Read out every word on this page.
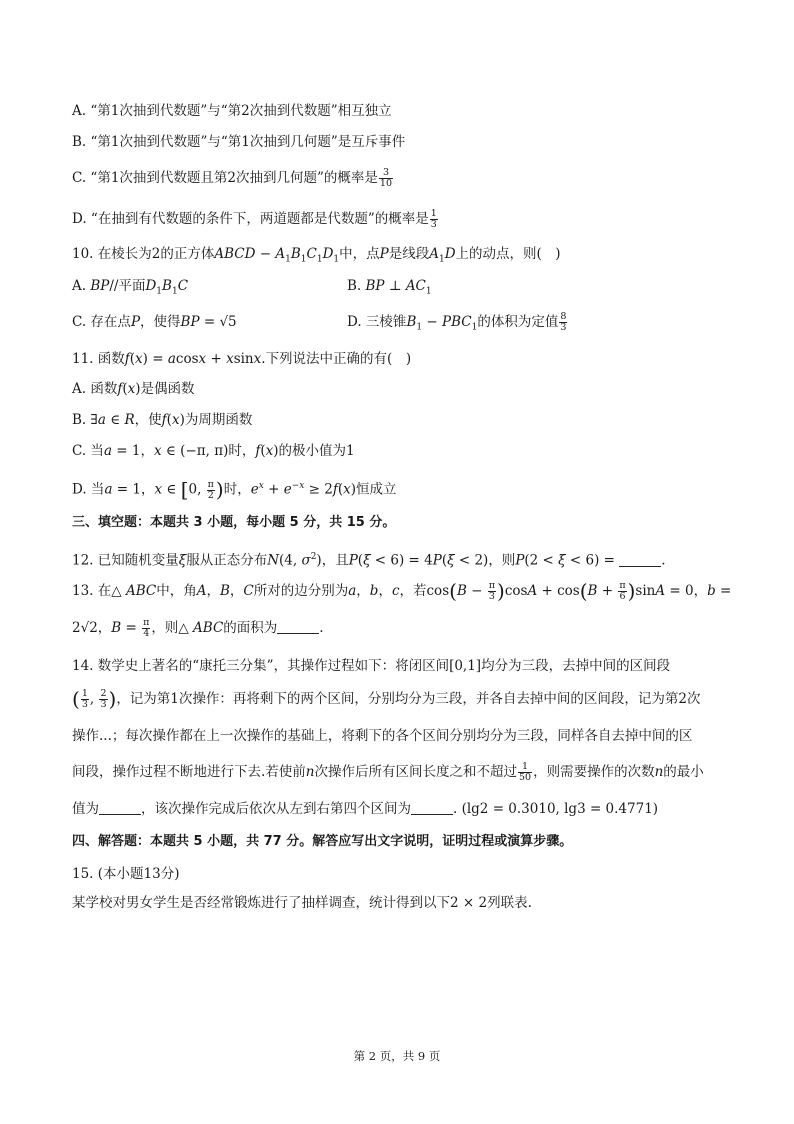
A. “第1次抽到代数题”与“第2次抽到代数题”相互独立
B. “第1次抽到代数题”与“第1次抽到几何题”是互斥事件
C. “第1次抽到代数题且第2次抽到几何题”的概率是 $\frac{3}{10}$
D. “在抽到有代数题的条件下，两道题都是代数题”的概率是 $\frac{1}{3}$
10. 在棱长为2的正方体ABCD − $A_1B_1C_1D_1$中，点P是线段$A_1D$上的动点，则(　)
A. BP//平面$D_1B_1C$	B. BP ⊥ $AC_1$
C. 存在点P，使得BP = √5	D. 三棱锥$B_1 - PBC_1$的体积为定值 $\frac{8}{3}$
11. 函数f(x) = acosx + xsinx.下列说法中正确的有(　)
A. 函数f(x)是偶函数
B. ∃a ∈ R，使f(x)为周期函数
C. 当a = 1，x ∈ (−π, π)时，f(x)的极小值为1
D. 当a = 1，x ∈ [0, $\frac{\pi}{2}$ )时，$e^x + e^{-x} \ge 2f(x)$恒成立
三、填空题：本题共 3 小题，每小题 5 分，共 15 分。
12. 已知随机变量ξ服从正态分布N(4, $\sigma^2$)，且P(ξ < 6) = 4P(ξ < 2)，则P(2 < ξ < 6) =	.
13. 在△ ABC中，角A，B，C所对的边分别为a，b，c，若$\cos(B - \frac{\pi}{3} )\cos A + \cos(B + \frac{\pi}{6} )\sin A = 0$，b =
2√2，$B = \frac{\pi}{4}$ ，则△ ABC的面积为	.
14. 数学史上著名的“康托三分集”，其操作过程如下：将闭区间[0,1]均分为三段，去掉中间的区间段
( $\frac{1}{3}$ , $\frac{2}{3}$ )，记为第1次操作：再将剩下的两个区间，分别均分为三段，并各自去掉中间的区间段，记为第2次
操作...；每次操作都在上一次操作的基础上，将剩下的各个区间分别均分为三段，同样各自去掉中间的区
间段，操作过程不断地进行下去.若使前n次操作后所有区间长度之和不超过 $\frac{1}{50}$ ，则需要操作的次数n的最小
值为	，该次操作完成后依次从左到右第四个区间为	. (lg2 = 0.3010, lg3 = 0.4771)
四、解答题：本题共 5 小题，共 77 分。解答应写出文字说明，证明过程或演算步骤。
15. (本小题13分)
某学校对男女学生是否经常锻炼进行了抽样调查，统计得到以下2 × 2列联表.
第 2 页，共 9 页
